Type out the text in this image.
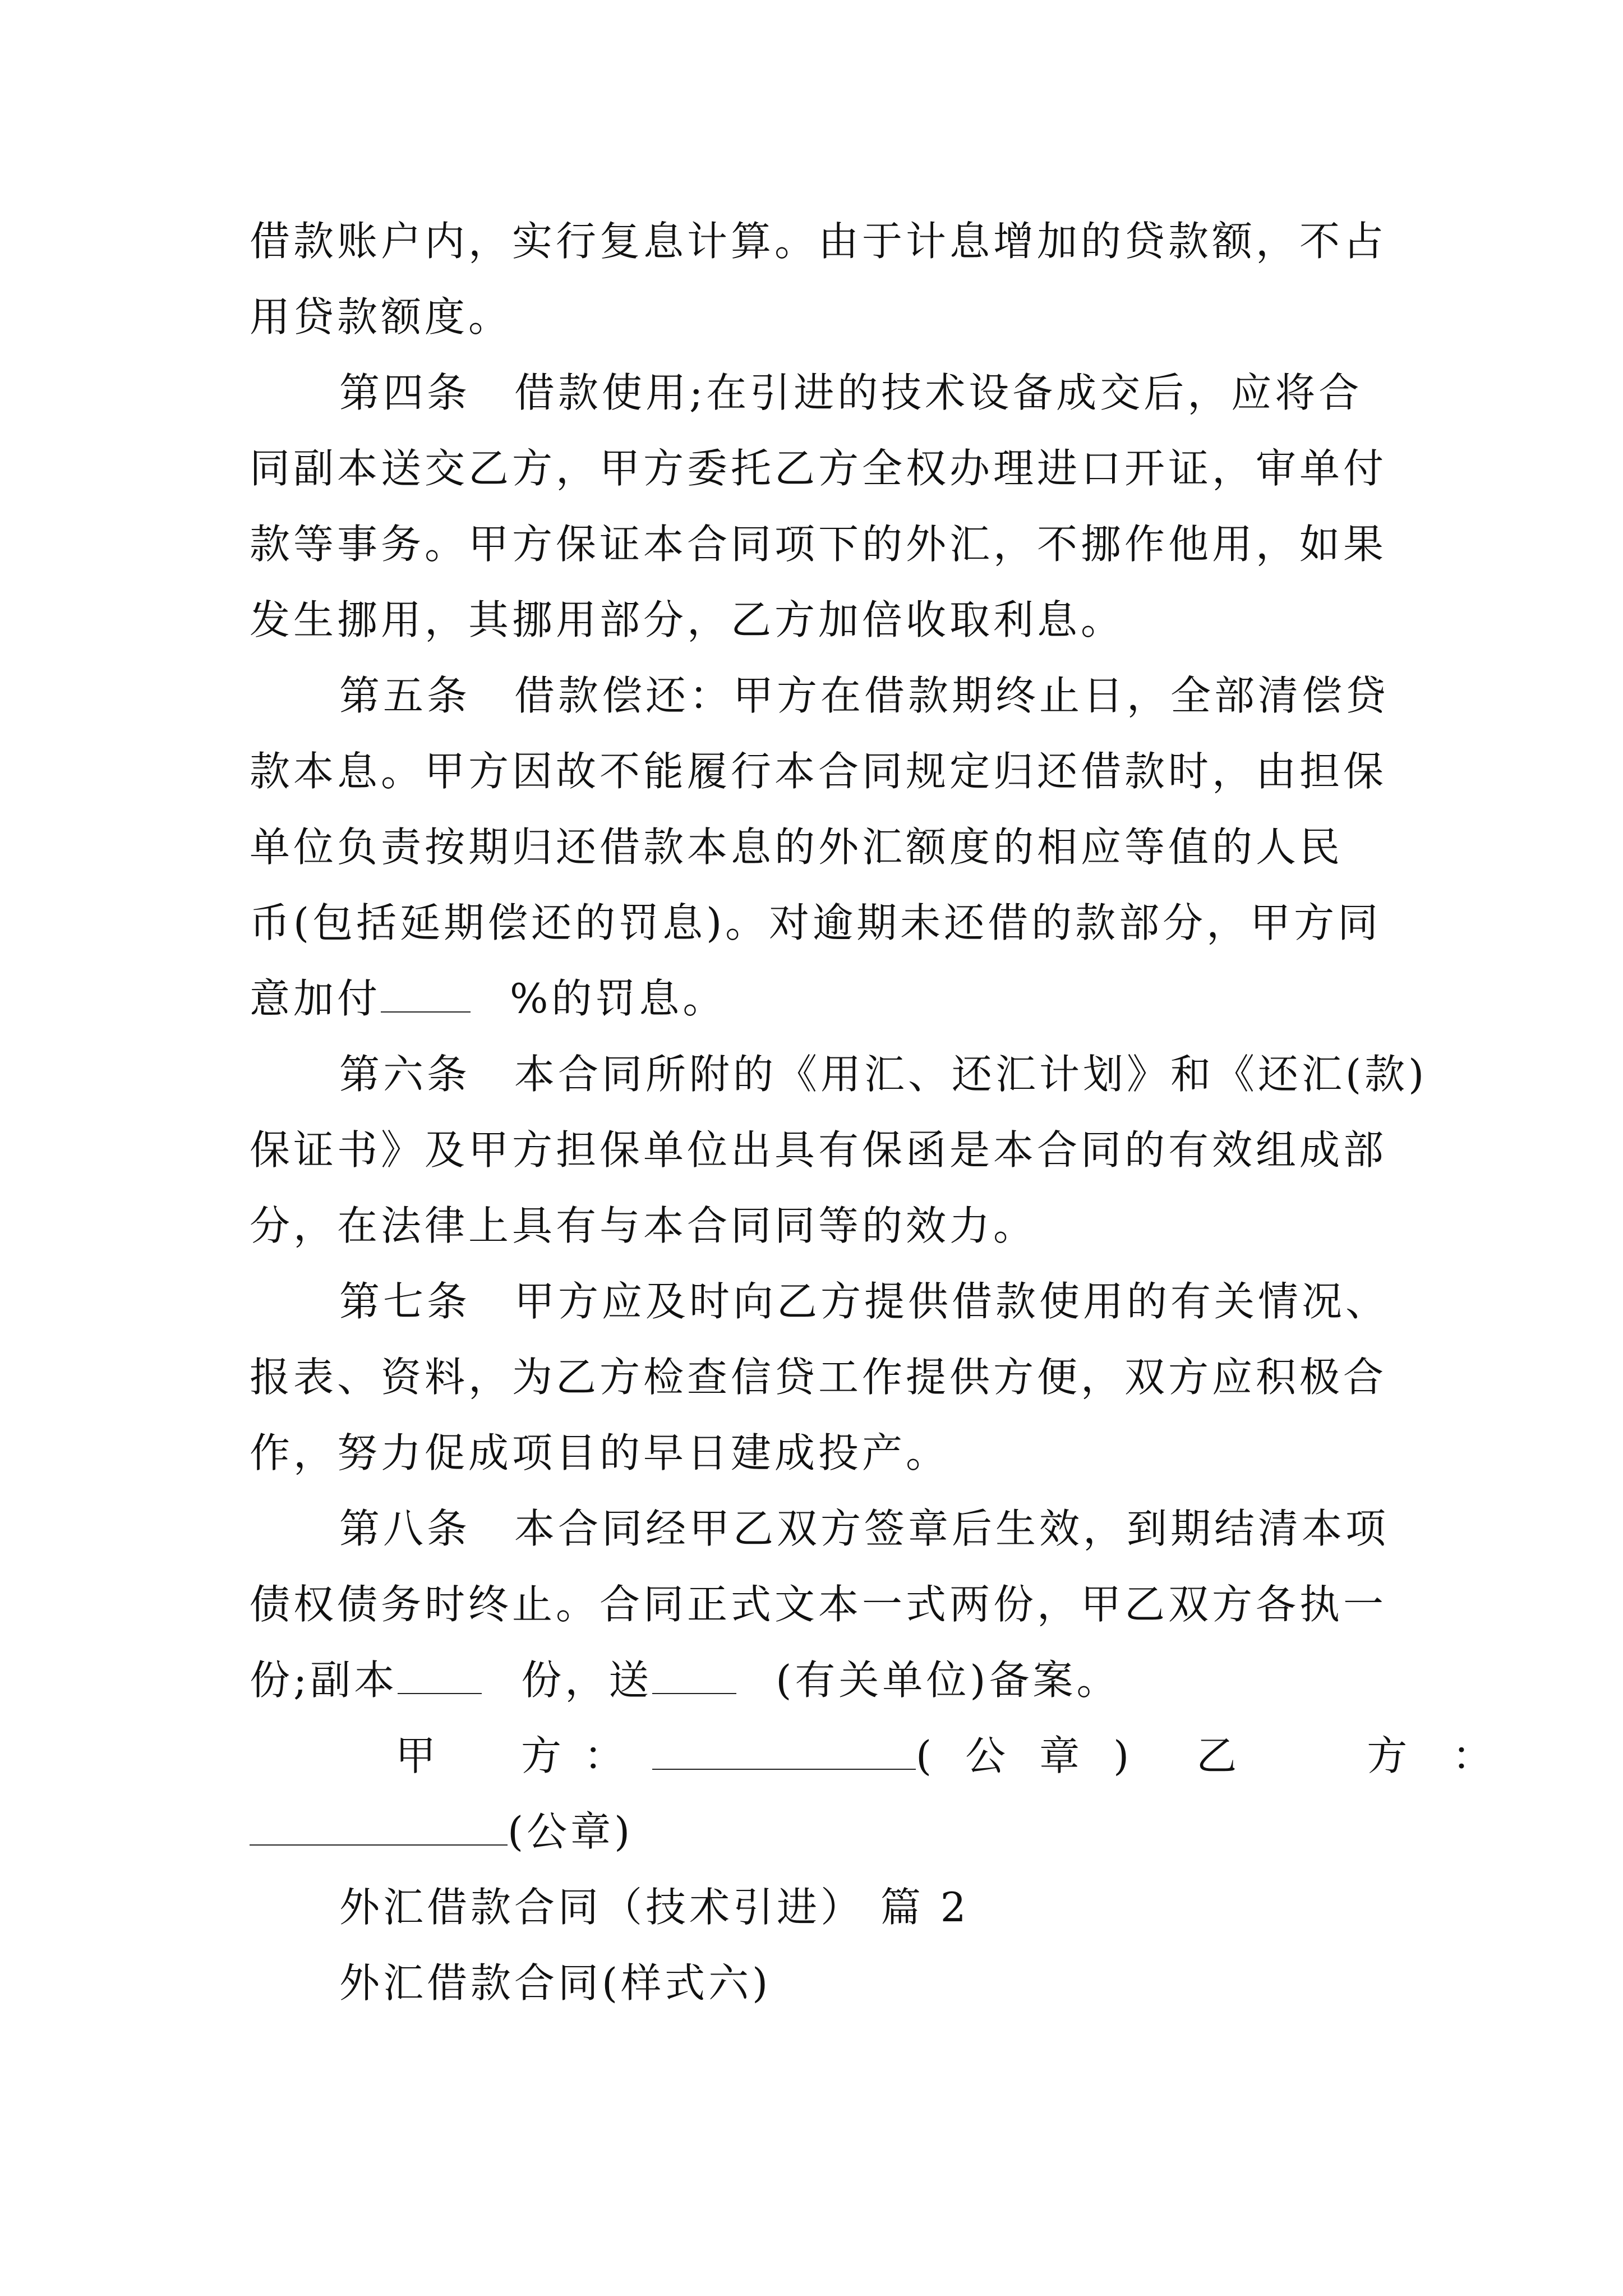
借款账户内，实行复息计算。由于计息增加的贷款额，不占
用贷款额度。
第四条　借款使用;在引进的技术设备成交后，应将合
同副本送交乙方，甲方委托乙方全权办理进口开证，审单付
款等事务。甲方保证本合同项下的外汇，不挪作他用，如果
发生挪用，其挪用部分，乙方加倍收取利息。
第五条　借款偿还：甲方在借款期终止日，全部清偿贷
款本息。甲方因故不能履行本合同规定归还借款时，由担保
单位负责按期归还借款本息的外汇额度的相应等值的人民
币(包括延期偿还的罚息)。对逾期未还借的款部分，甲方同
意加付	%的罚息。
第六条　本合同所附的《用汇、还汇计划》和《还汇(款)
保证书》及甲方担保单位出具有保函是本合同的有效组成部
分，在法律上具有与本合同同等的效力。
第七条　甲方应及时向乙方提供借款使用的有关情况、
报表、资料，为乙方检查信贷工作提供方便，双方应积极合
作，努力促成项目的早日建成投产。
第八条　本合同经甲乙双方签章后生效，到期结清本项
债权债务时终止。合同正式文本一式两份，甲乙双方各执一
份;副本	份，送	(有关单位)备案。
甲　方：	(公章) 乙　方：
(公章)
外汇借款合同（技术引进） 篇 2
外汇借款合同(样式六)
